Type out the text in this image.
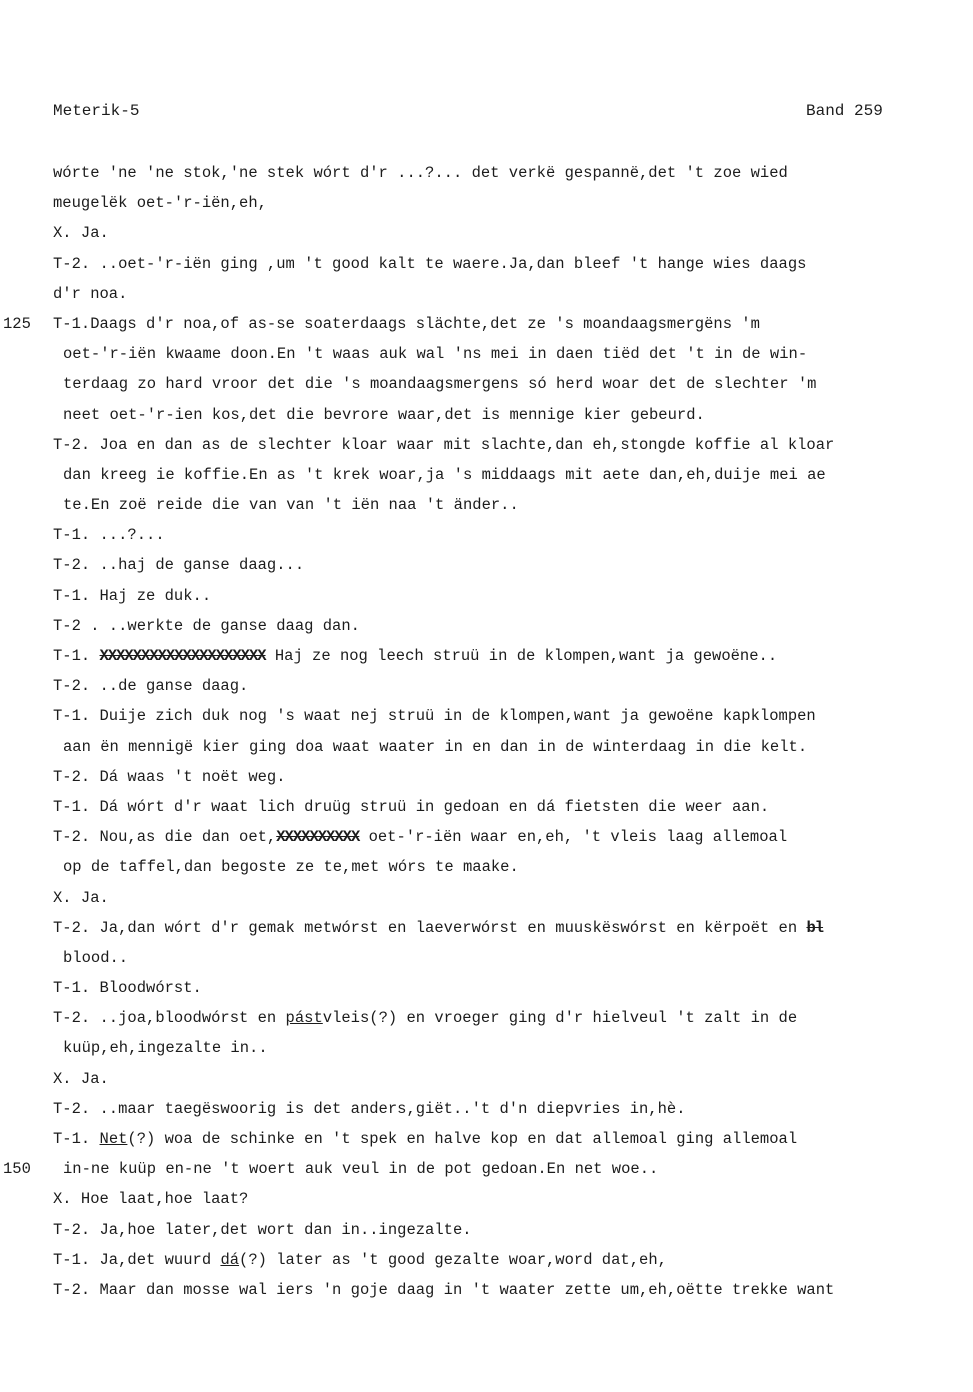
Meterik-5	Band 259
wórte 'ne 'ne stok,'ne stek wórt d'r ...?... det verkë gespannë,det 't zoe wied
meugelëk oet-'r-iën,eh,
X. Ja.
T-2. ..oet-'r-iën ging ,um 't good kalt te waere.Ja,dan bleef 't hange wies daags
d'r noa.
125 T-1.Daags d'r noa,of as-se soaterdaags slächte,det ze 's moandaagsmergëns 'm
oet-'r-iën kwaame doon.En 't waas auk wal 'ns mei in daen tiëd det 't in de win-
terdaag zo hard vroor det die 's moandaagsmergens só herd woar det de slechter 'm
neet oet-'r-ien kos,det die bevrore waar,det is mennige kier gebeurd.
T-2. Joa en dan as de slechter kloar waar mit slachte,dan eh,stongde koffie al kloar
dan kreeg ie koffie.En as 't krek woar,ja 's middaags mit aete dan,eh,duije mei ae
te.En zoë reide die van van 't iën naa 't änder..
T-1. ...?...
T-2. ..haj de ganse daag...
T-1. Haj ze duk..
T-2 . ..werkte de ganse daag dan.
T-1. XXXXXXXXXXXXXXXXXXXX Haj ze nog leech struü in de klompen,want ja gewoëne..
T-2. ..de ganse daag.
T-1. Duije zich duk nog 's waat nej struü in de klompen,want ja gewoëne kapklompen
aan ën mennigë kier ging doa waat waater in en dan in de winterdaag in die kelt.
T-2. Dá waas 't noët weg.
T-1. Dá wórt d'r waat lich druüg struü in gedoan en dá fietsten die weer aan.
T-2. Nou,as die dan oet,XXXXXXXXXX oet-'r-iën waar en,eh, 't vleis laag allemoal
op de taffel,dan begoste ze te,met wórs te maake.
X. Ja.
T-2. Ja,dan wórt d'r gemak metwórst en laeverwórst en muuskëswórst en kërpoët en bl
blood..
T-1. Bloodwórst.
T-2. ..joa,bloodwórst en pástvleis(?) en vroeger ging d'r hielveul 't zalt in de
kuüp,eh,ingezalte in..
X. Ja.
T-2. ..maar taegëswoorig is det anders,giët..'t d'n diepvries in,hè.
T-1. Net(?) woa de schinke en 't spek en halve kop en dat allemoal ging allemoal
150 in-ne kuüp en-ne 't woert auk veul in de pot gedoan.En net woe..
X. Hoe laat,hoe laat?
T-2. Ja,hoe later,det wort dan in..ingezalte.
T-1. Ja,det wuurd dá(?) later as 't good gezalte woar,word dat,eh,
T-2. Maar dan mosse wal iers 'n goje daag in 't waater zette um,eh,oëtte trekke want
